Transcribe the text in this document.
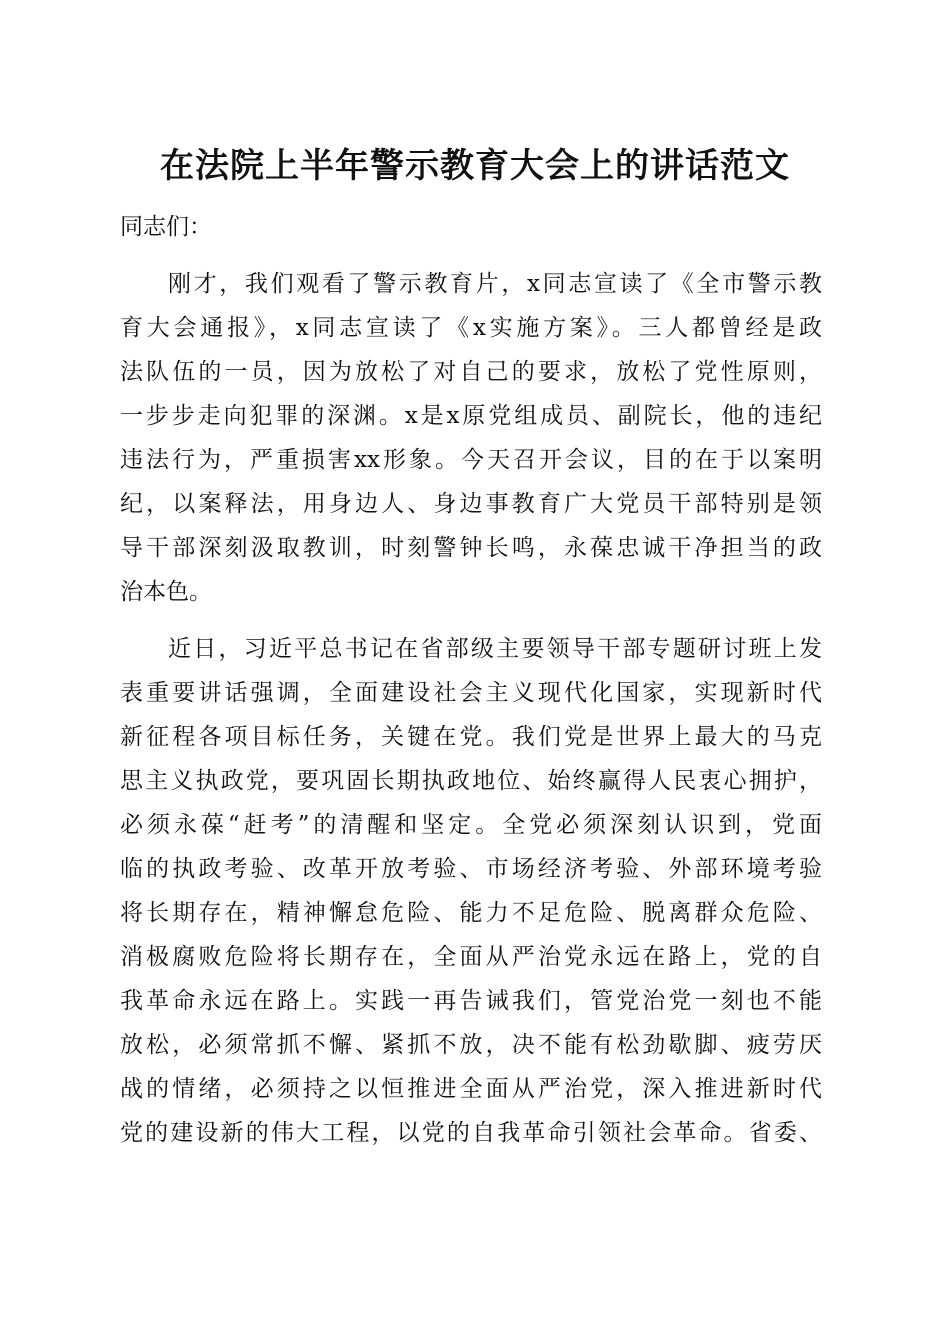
在法院上半年警示教育大会上的讲话范文
同志们：
刚才，我们观看了警示教育片，x同志宣读了《全市警示教
育大会通报》，x同志宣读了《x实施方案》。三人都曾经是政
法队伍的一员，因为放松了对自己的要求，放松了党性原则，
一步步走向犯罪的深渊。x是x原党组成员、副院长，他的违纪
违法行为，严重损害xx形象。今天召开会议，目的在于以案明
纪，以案释法，用身边人、身边事教育广大党员干部特别是领
导干部深刻汲取教训，时刻警钟长鸣，永葆忠诚干净担当的政
治本色。
近日，习近平总书记在省部级主要领导干部专题研讨班上发
表重要讲话强调，全面建设社会主义现代化国家，实现新时代
新征程各项目标任务，关键在党。我们党是世界上最大的马克
思主义执政党，要巩固长期执政地位、始终赢得人民衷心拥护，
必须永葆“赶考”的清醒和坚定。全党必须深刻认识到，党面
临的执政考验、改革开放考验、市场经济考验、外部环境考验
将长期存在，精神懈怠危险、能力不足危险、脱离群众危险、
消极腐败危险将长期存在，全面从严治党永远在路上，党的自
我革命永远在路上。实践一再告诫我们，管党治党一刻也不能
放松，必须常抓不懈、紧抓不放，决不能有松劲歇脚、疲劳厌
战的情绪，必须持之以恒推进全面从严治党，深入推进新时代
党的建设新的伟大工程，以党的自我革命引领社会革命。省委、
